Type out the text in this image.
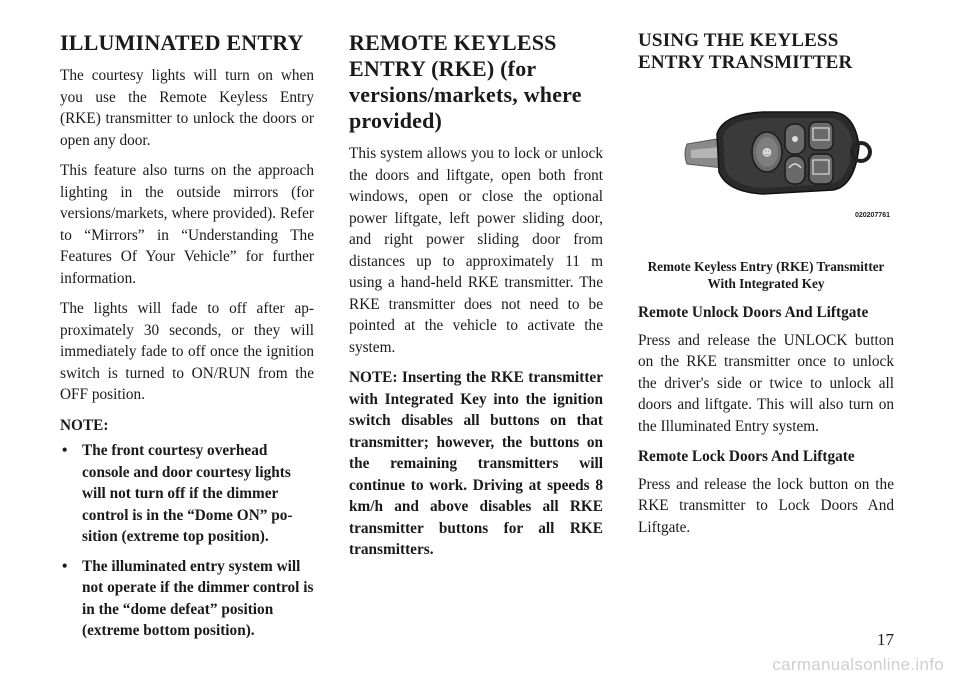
ILLUMINATED ENTRY

The courtesy lights will turn on when you use the Remote Keyless Entry (RKE) transmitter to unlock the doors or open any door.

This feature also turns on the approach lighting in the outside mirrors (for versions/markets, where provided). Refer to “Mirrors” in “Understanding The Features Of Your Vehicle” for further information.

The lights will fade to off after approximately 30 seconds, or they will immediately fade to off once the ignition switch is turned to ON/RUN from the OFF position.

NOTE:

• The front courtesy overhead console and door courtesy lights will not turn off if the dimmer control is in the “Dome ON” position (extreme top position).
• The illuminated entry system will not operate if the dimmer control is in the “dome defeat” position (extreme bottom position).
REMOTE KEYLESS ENTRY (RKE) (for versions/markets, where provided)

This system allows you to lock or unlock the doors and liftgate, open both front windows, open or close the optional power liftgate, left power sliding door, and right power sliding door from distances up to approximately 11 m using a hand-held RKE transmitter. The RKE transmitter does not need to be pointed at the vehicle to activate the system.

NOTE: Inserting the RKE transmitter with Integrated Key into the ignition switch disables all buttons on that transmitter; however, the buttons on the remaining transmitters will continue to work. Driving at speeds 8 km/h and above disables all RKE transmitter buttons for all RKE transmitters.

USING THE KEYLESS ENTRY TRANSMITTER
☻
020207761

Remote Keyless Entry (RKE) Transmitter With Integrated Key

Remote Unlock Doors And Liftgate

Press and release the UNLOCK button on the RKE transmitter once to unlock the driver's side or twice to unlock all doors and liftgate. This will also turn on the Illuminated Entry system.

Remote Lock Doors And Liftgate

Press and release the lock button on the RKE transmitter to Lock Doors And Liftgate.

17
carmanualsonline.info
